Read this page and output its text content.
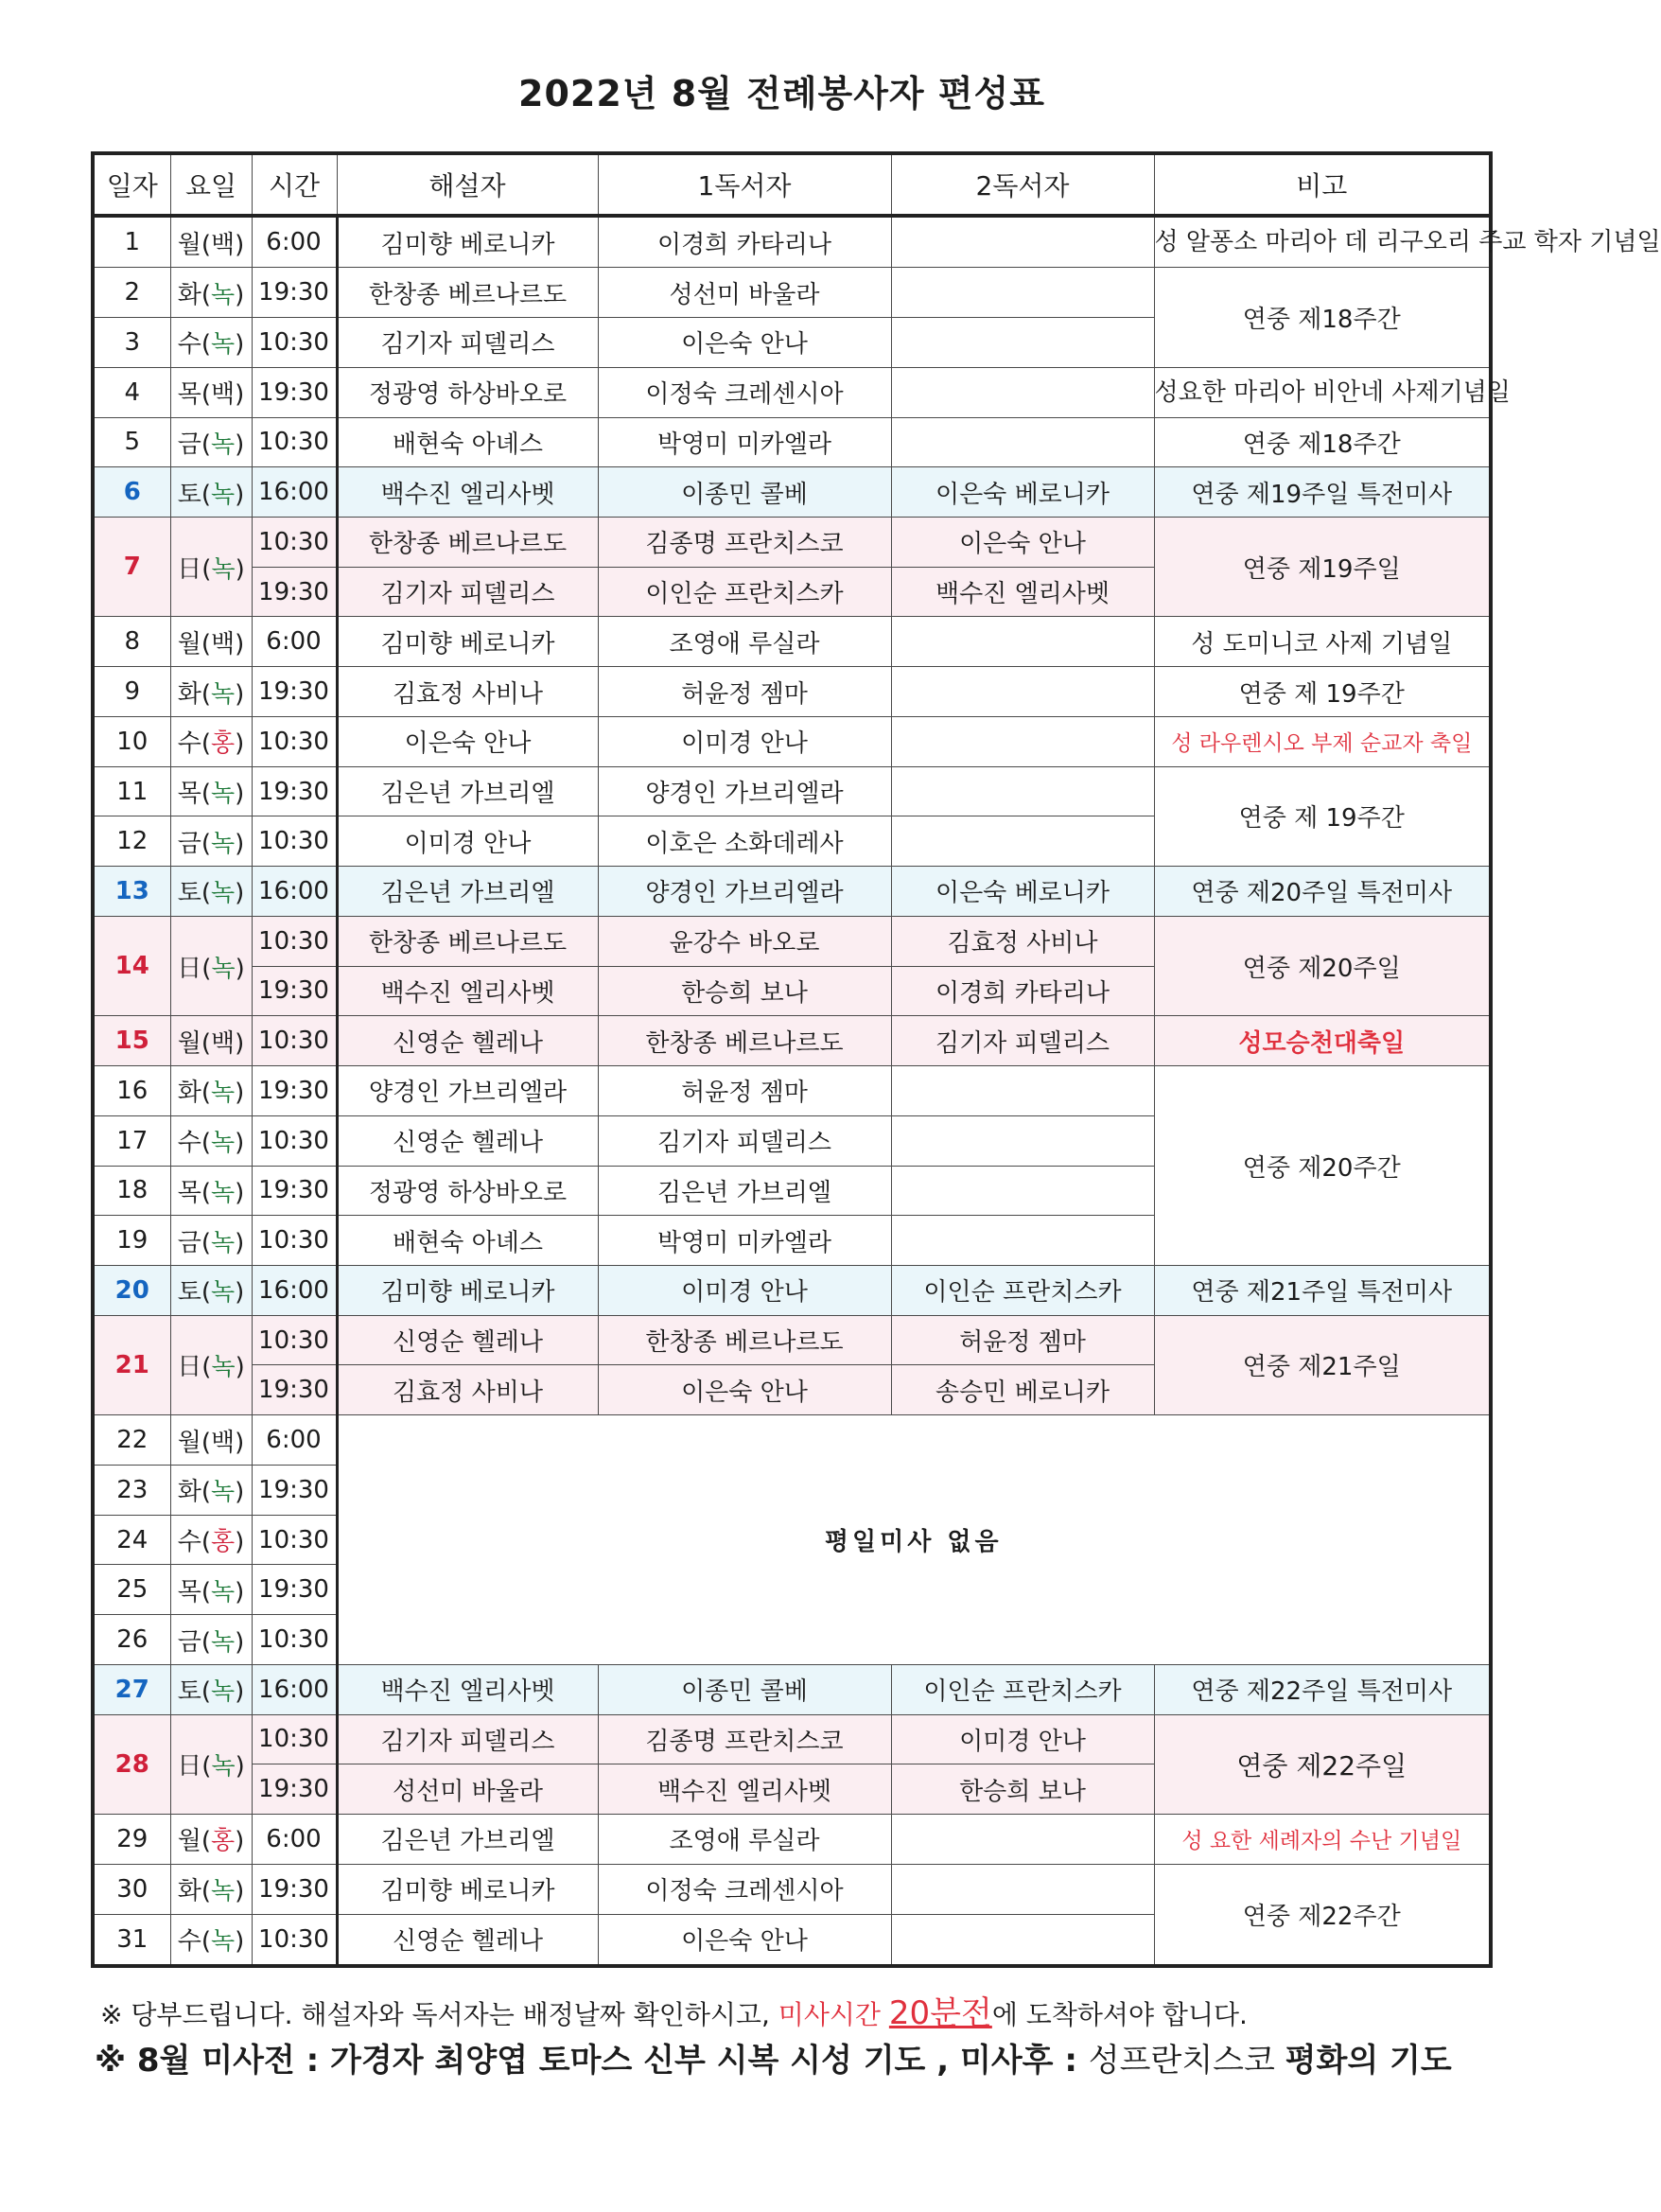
2022년 8월 전례봉사자 편성표
일자	요일	시간	해설자	1독서자	2독서자	비고
1	월(백)	6:00	김미향 베로니카	이경희 카타리나		성 알퐁소 마리아 데 리구오리 주교 학자 기념일
2	화(녹)	19:30	한창종 베르나르도	성선미 바울라		연중 제18주간
3	수(녹)	10:30	김기자 피델리스	이은숙 안나		
4	목(백)	19:30	정광영 하상바오로	이정숙 크레센시아		성요한 마리아 비안네 사제기념일
5	금(녹)	10:30	배현숙 아녜스	박영미 미카엘라		연중 제18주간
6	토(녹)	16:00	백수진 엘리사벳	이종민 콜베	이은숙 베로니카	연중 제19주일 특전미사
7	日(녹)	10:30	한창종 베르나르도	김종명 프란치스코	이은숙 안나	연중 제19주일
		19:30	김기자 피델리스	이인순 프란치스카	백수진 엘리사벳	
8	월(백)	6:00	김미향 베로니카	조영애 루실라		성 도미니코 사제 기념일
9	화(녹)	19:30	김효정 사비나	허윤정 젬마		연중 제 19주간
10	수(홍)	10:30	이은숙 안나	이미경 안나		성 라우렌시오 부제 순교자 축일
11	목(녹)	19:30	김은년 가브리엘	양경인 가브리엘라		연중 제 19주간
12	금(녹)	10:30	이미경 안나	이호은 소화데레사		
13	토(녹)	16:00	김은년 가브리엘	양경인 가브리엘라	이은숙 베로니카	연중 제20주일 특전미사
14	日(녹)	10:30	한창종 베르나르도	윤강수 바오로	김효정 사비나	연중 제20주일
		19:30	백수진 엘리사벳	한승희 보나	이경희 카타리나	
15	월(백)	10:30	신영순 헬레나	한창종 베르나르도	김기자 피델리스	성모승천대축일
16	화(녹)	19:30	양경인 가브리엘라	허윤정 젬마		연중 제20주간
17	수(녹)	10:30	신영순 헬레나	김기자 피델리스		
18	목(녹)	19:30	정광영 하상바오로	김은년 가브리엘		
19	금(녹)	10:30	배현숙 아녜스	박영미 미카엘라		
20	토(녹)	16:00	김미향 베로니카	이미경 안나	이인순 프란치스카	연중 제21주일 특전미사
21	日(녹)	10:30	신영순 헬레나	한창종 베르나르도	허윤정 젬마	연중 제21주일
		19:30	김효정 사비나	이은숙 안나	송승민 베로니카	
22	월(백)	6:00	평일미사 없음			
23	화(녹)	19:30				
24	수(홍)	10:30				
25	목(녹)	19:30				
26	금(녹)	10:30				
27	토(녹)	16:00	백수진 엘리사벳	이종민 콜베	이인순 프란치스카	연중 제22주일 특전미사
28	日(녹)	10:30	김기자 피델리스	김종명 프란치스코	이미경 안나	연중 제22주일
		19:30	성선미 바울라	백수진 엘리사벳	한승희 보나	
29	월(홍)	6:00	김은년 가브리엘	조영애 루실라		성 요한 세례자의 수난 기념일
30	화(녹)	19:30	김미향 베로니카	이정숙 크레센시아		연중 제22주간
31	수(녹)	10:30	신영순 헬레나	이은숙 안나		
※ 당부드립니다. 해설자와 독서자는 배정날짜 확인하시고, 미사시간 20분전에 도착하셔야 합니다.
※ 8월 미사전 : 가경자 최양엽 토마스 신부 시복 시성 기도 , 미사후 : 성프란치스코 평화의 기도
